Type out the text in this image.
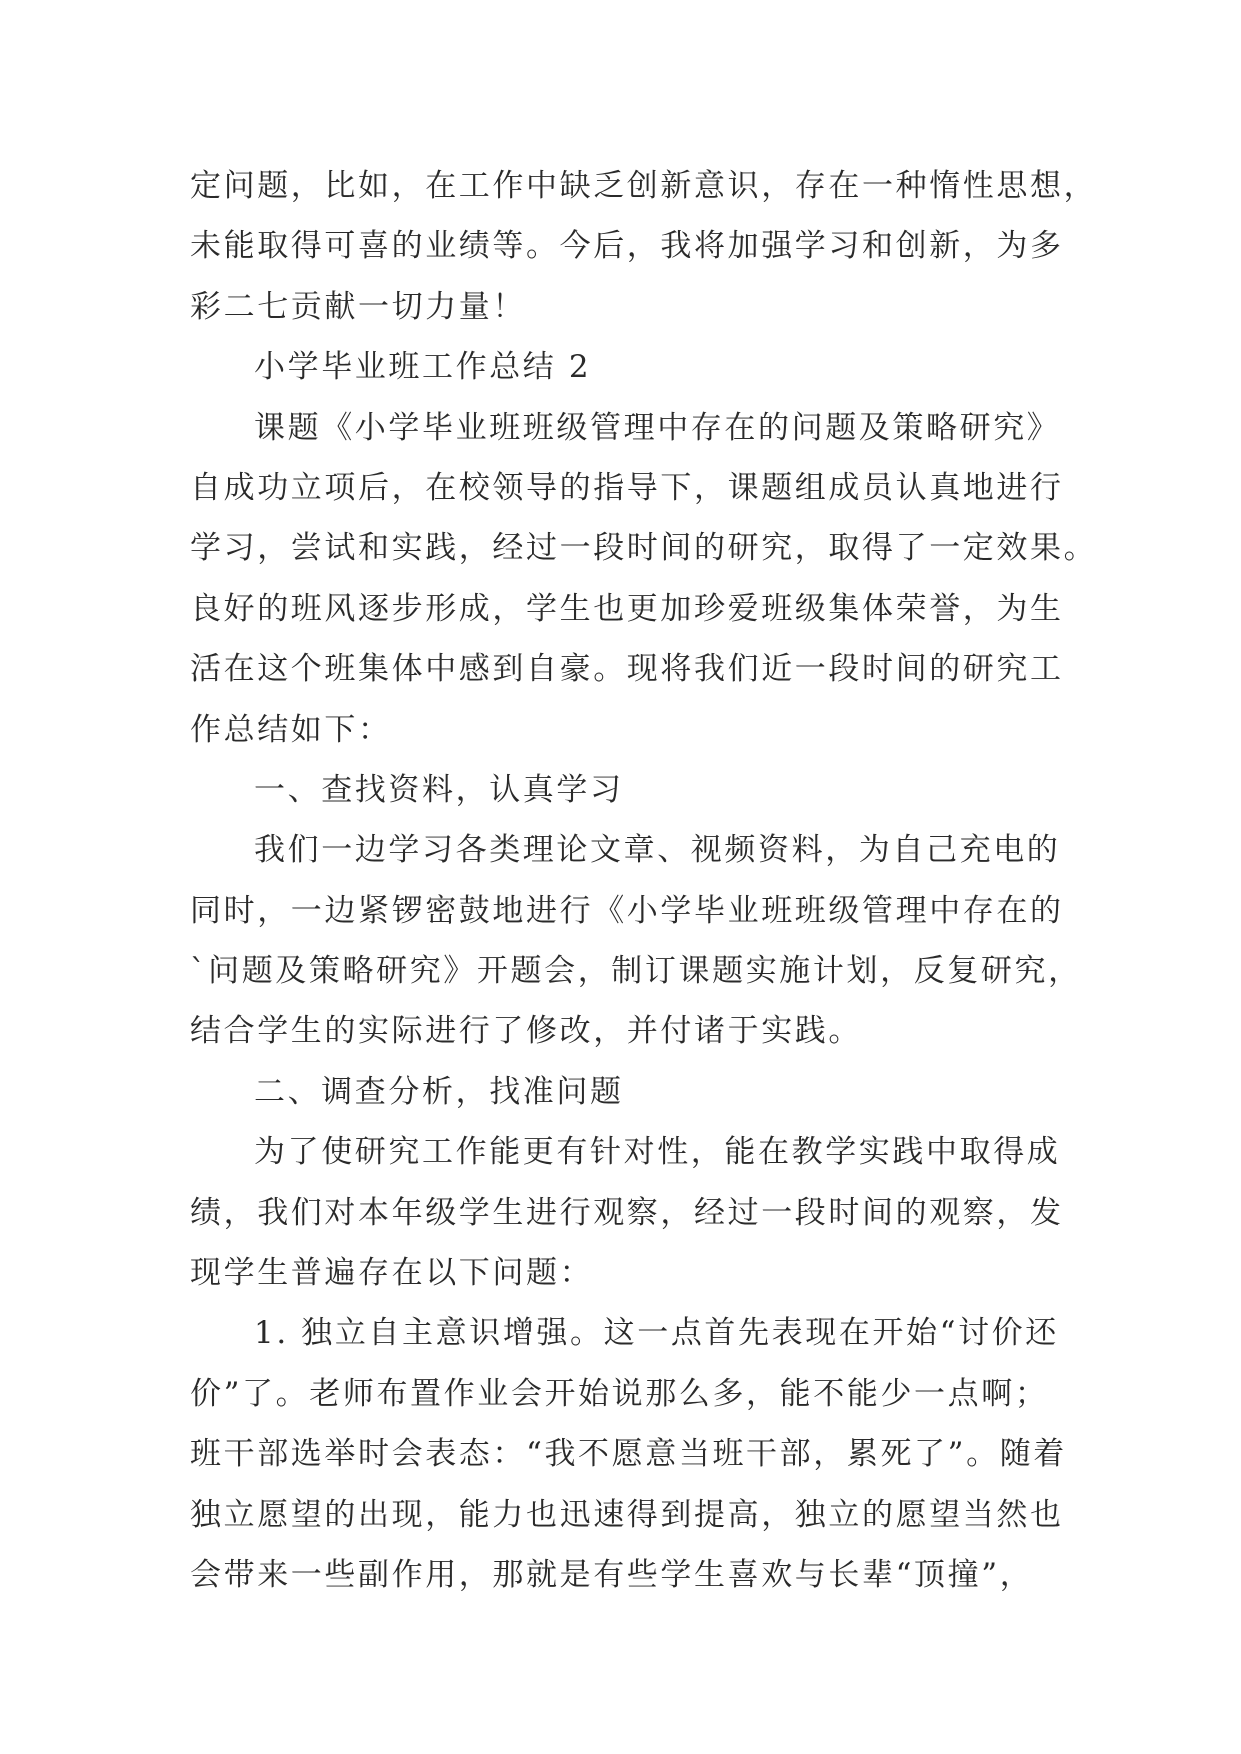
定问题，比如，在工作中缺乏创新意识，存在一种惰性思想，
未能取得可喜的业绩等。今后，我将加强学习和创新，为多
彩二七贡献一切力量！
小学毕业班工作总结 2
课题《小学毕业班班级管理中存在的问题及策略研究》
自成功立项后，在校领导的指导下，课题组成员认真地进行
学习，尝试和实践，经过一段时间的研究，取得了一定效果。
良好的班风逐步形成，学生也更加珍爱班级集体荣誉，为生
活在这个班集体中感到自豪。现将我们近一段时间的研究工
作总结如下：
一、查找资料，认真学习
我们一边学习各类理论文章、视频资料，为自己充电的
同时，一边紧锣密鼓地进行《小学毕业班班级管理中存在的
`问题及策略研究》开题会，制订课题实施计划，反复研究，
结合学生的实际进行了修改，并付诸于实践。
二、调查分析，找准问题
为了使研究工作能更有针对性，能在教学实践中取得成
绩，我们对本年级学生进行观察，经过一段时间的观察，发
现学生普遍存在以下问题：
1. 独立自主意识增强。这一点首先表现在开始“讨价还
价”了。老师布置作业会开始说那么多，能不能少一点啊；
班干部选举时会表态：“我不愿意当班干部，累死了”。随着
独立愿望的出现，能力也迅速得到提高，独立的愿望当然也
会带来一些副作用，那就是有些学生喜欢与长辈“顶撞”，
